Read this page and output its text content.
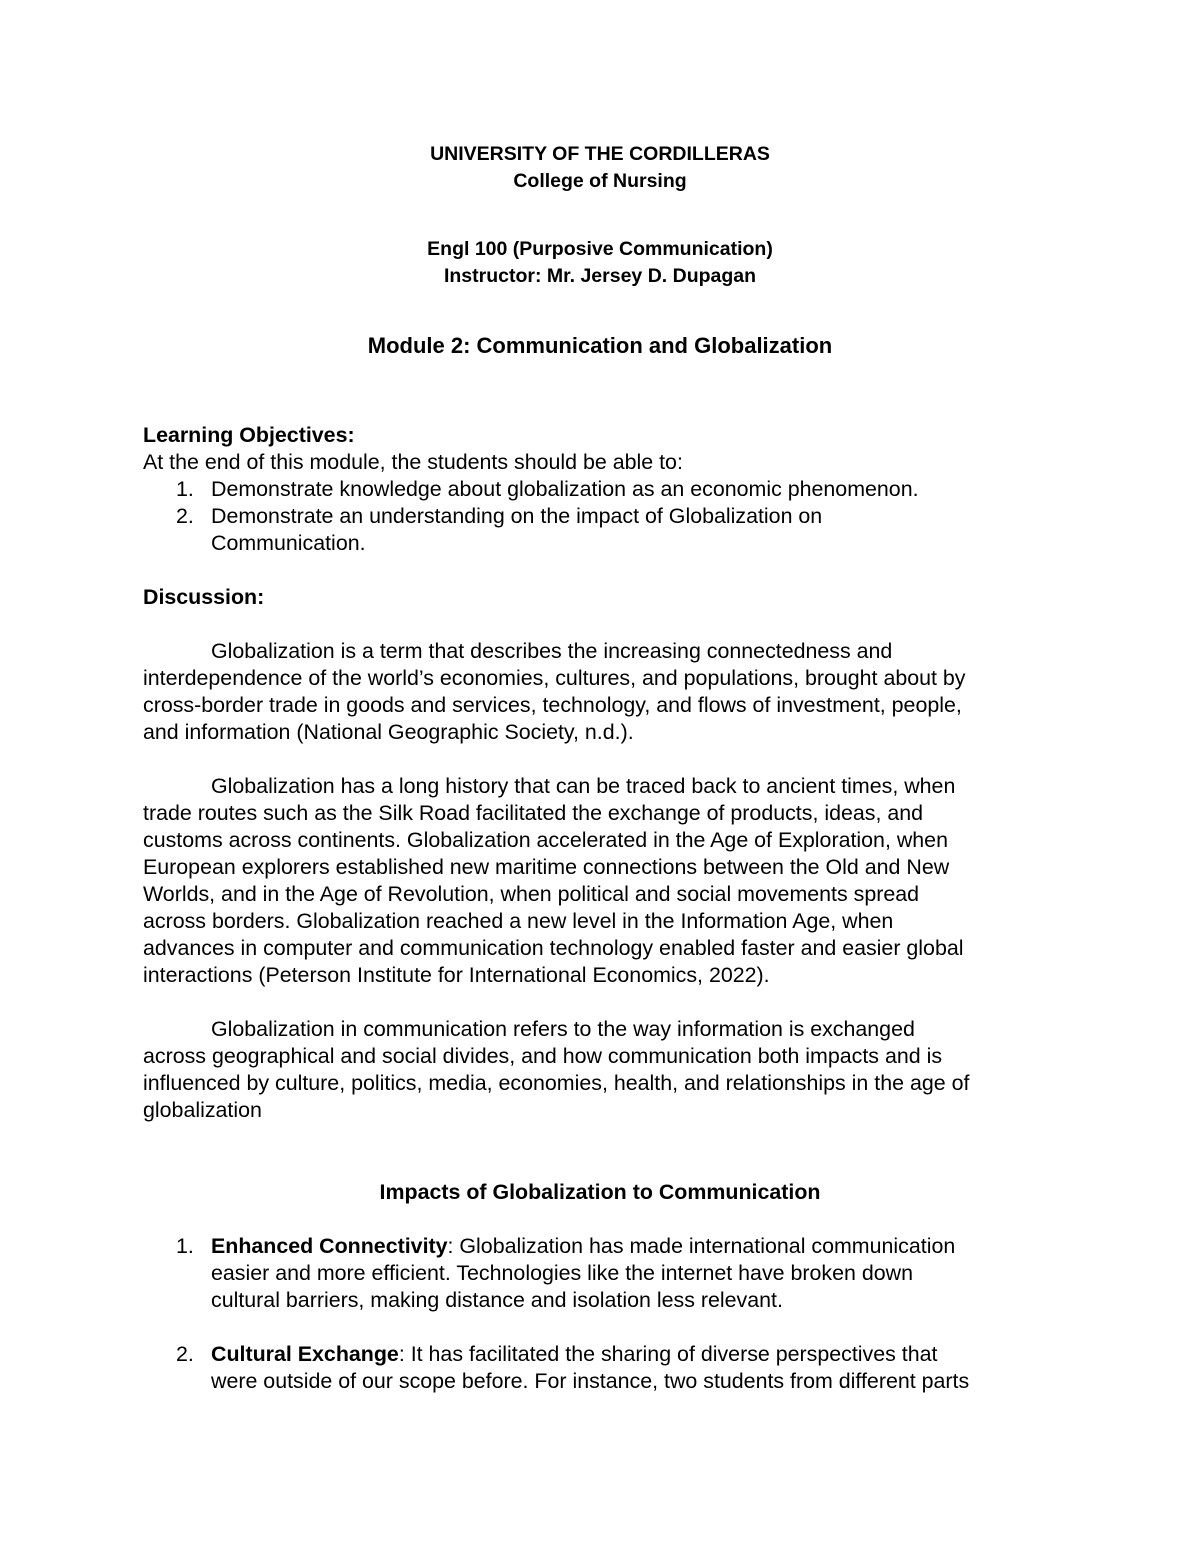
UNIVERSITY OF THE CORDILLERAS
College of Nursing
Engl 100 (Purposive Communication)
Instructor: Mr. Jersey D. Dupagan
Module 2: Communication and Globalization
Learning Objectives:
At the end of this module, the students should be able to:
1. Demonstrate knowledge about globalization as an economic phenomenon.
2. Demonstrate an understanding on the impact of Globalization on
Communication.
Discussion:
Globalization is a term that describes the increasing connectedness and
interdependence of the world’s economies, cultures, and populations, brought about by
cross-border trade in goods and services, technology, and flows of investment, people,
and information (National Geographic Society, n.d.).
Globalization has a long history that can be traced back to ancient times, when
trade routes such as the Silk Road facilitated the exchange of products, ideas, and
customs across continents. Globalization accelerated in the Age of Exploration, when
European explorers established new maritime connections between the Old and New
Worlds, and in the Age of Revolution, when political and social movements spread
across borders. Globalization reached a new level in the Information Age, when
advances in computer and communication technology enabled faster and easier global
interactions (Peterson Institute for International Economics, 2022).
Globalization in communication refers to the way information is exchanged
across geographical and social divides, and how communication both impacts and is
influenced by culture, politics, media, economies, health, and relationships in the age of
globalization
Impacts of Globalization to Communication
1. Enhanced Connectivity: Globalization has made international communication
easier and more efficient. Technologies like the internet have broken down
cultural barriers, making distance and isolation less relevant.
2. Cultural Exchange: It has facilitated the sharing of diverse perspectives that
were outside of our scope before. For instance, two students from different parts
